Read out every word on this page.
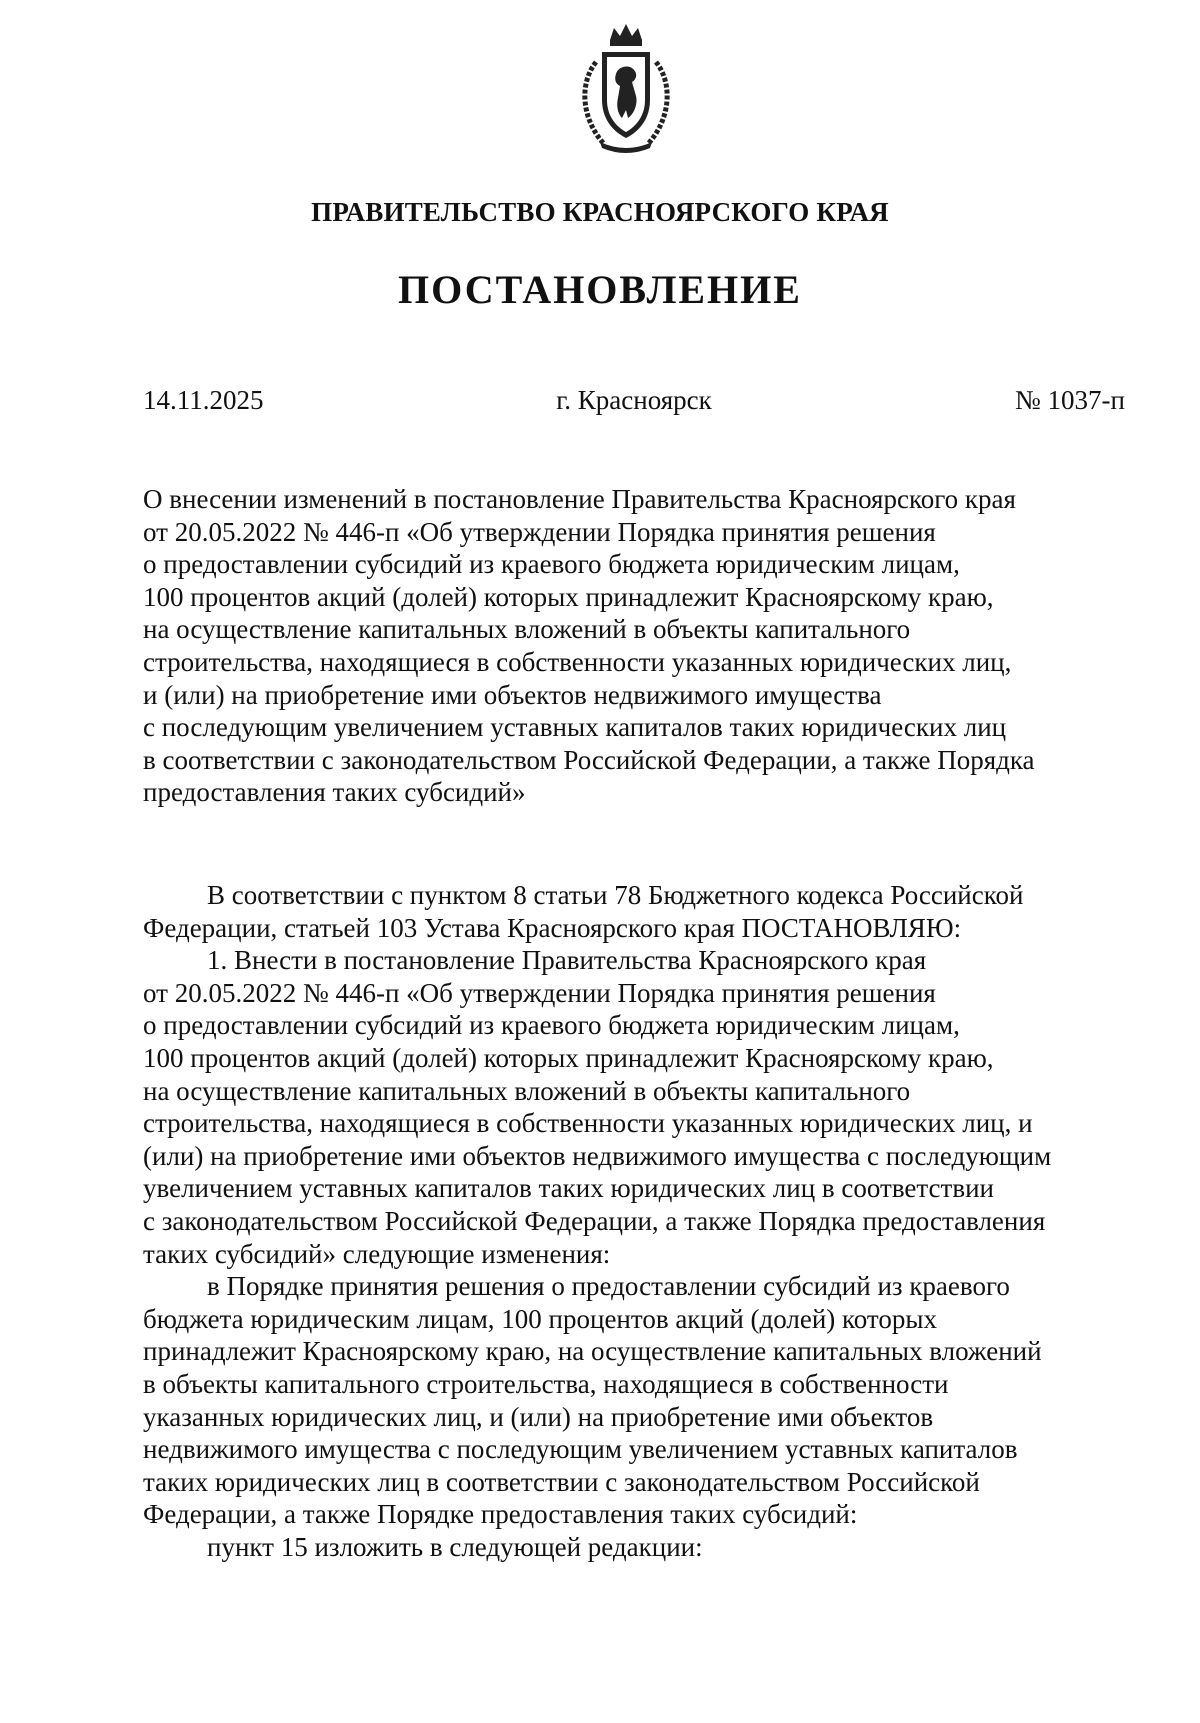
ПРАВИТЕЛЬСТВО КРАСНОЯРСКОГО КРАЯ
ПОСТАНОВЛЕНИЕ
14.11.2025	г. Красноярск	№ 1037-п

О внесении изменений в постановление Правительства Красноярского края

от 20.05.2022 № 446-п «Об утверждении Порядка принятия решения

о предоставлении субсидий из краевого бюджета юридическим лицам,

100 процентов акций (долей) которых принадлежит Красноярскому краю,

на осуществление капитальных вложений в объекты капитального

строительства, находящиеся в собственности указанных юридических лиц,

и (или) на приобретение ими объектов недвижимого имущества

с последующим увеличением уставных капиталов таких юридических лиц

в соответствии с законодательством Российской Федерации, а также Порядка

предоставления таких субсидий»

В соответствии с пунктом 8 статьи 78 Бюджетного кодекса Российской

Федерации, статьей 103 Устава Красноярского края ПОСТАНОВЛЯЮ:

1. Внести в постановление Правительства Красноярского края

от 20.05.2022 № 446-п «Об утверждении Порядка принятия решения

о предоставлении субсидий из краевого бюджета юридическим лицам,

100 процентов акций (долей) которых принадлежит Красноярскому краю,

на осуществление капитальных вложений в объекты капитального

строительства, находящиеся в собственности указанных юридических лиц, и

(или) на приобретение ими объектов недвижимого имущества с последующим

увеличением уставных капиталов таких юридических лиц в соответствии

с законодательством Российской Федерации, а также Порядка предоставления

таких субсидий» следующие изменения:

в Порядке принятия решения о предоставлении субсидий из краевого

бюджета юридическим лицам, 100 процентов акций (долей) которых

принадлежит Красноярскому краю, на осуществление капитальных вложений

в объекты капитального строительства, находящиеся в собственности

указанных юридических лиц, и (или) на приобретение ими объектов

недвижимого имущества с последующим увеличением уставных капиталов

таких юридических лиц в соответствии с законодательством Российской

Федерации, а также Порядке предоставления таких субсидий:

пункт 15 изложить в следующей редакции:
